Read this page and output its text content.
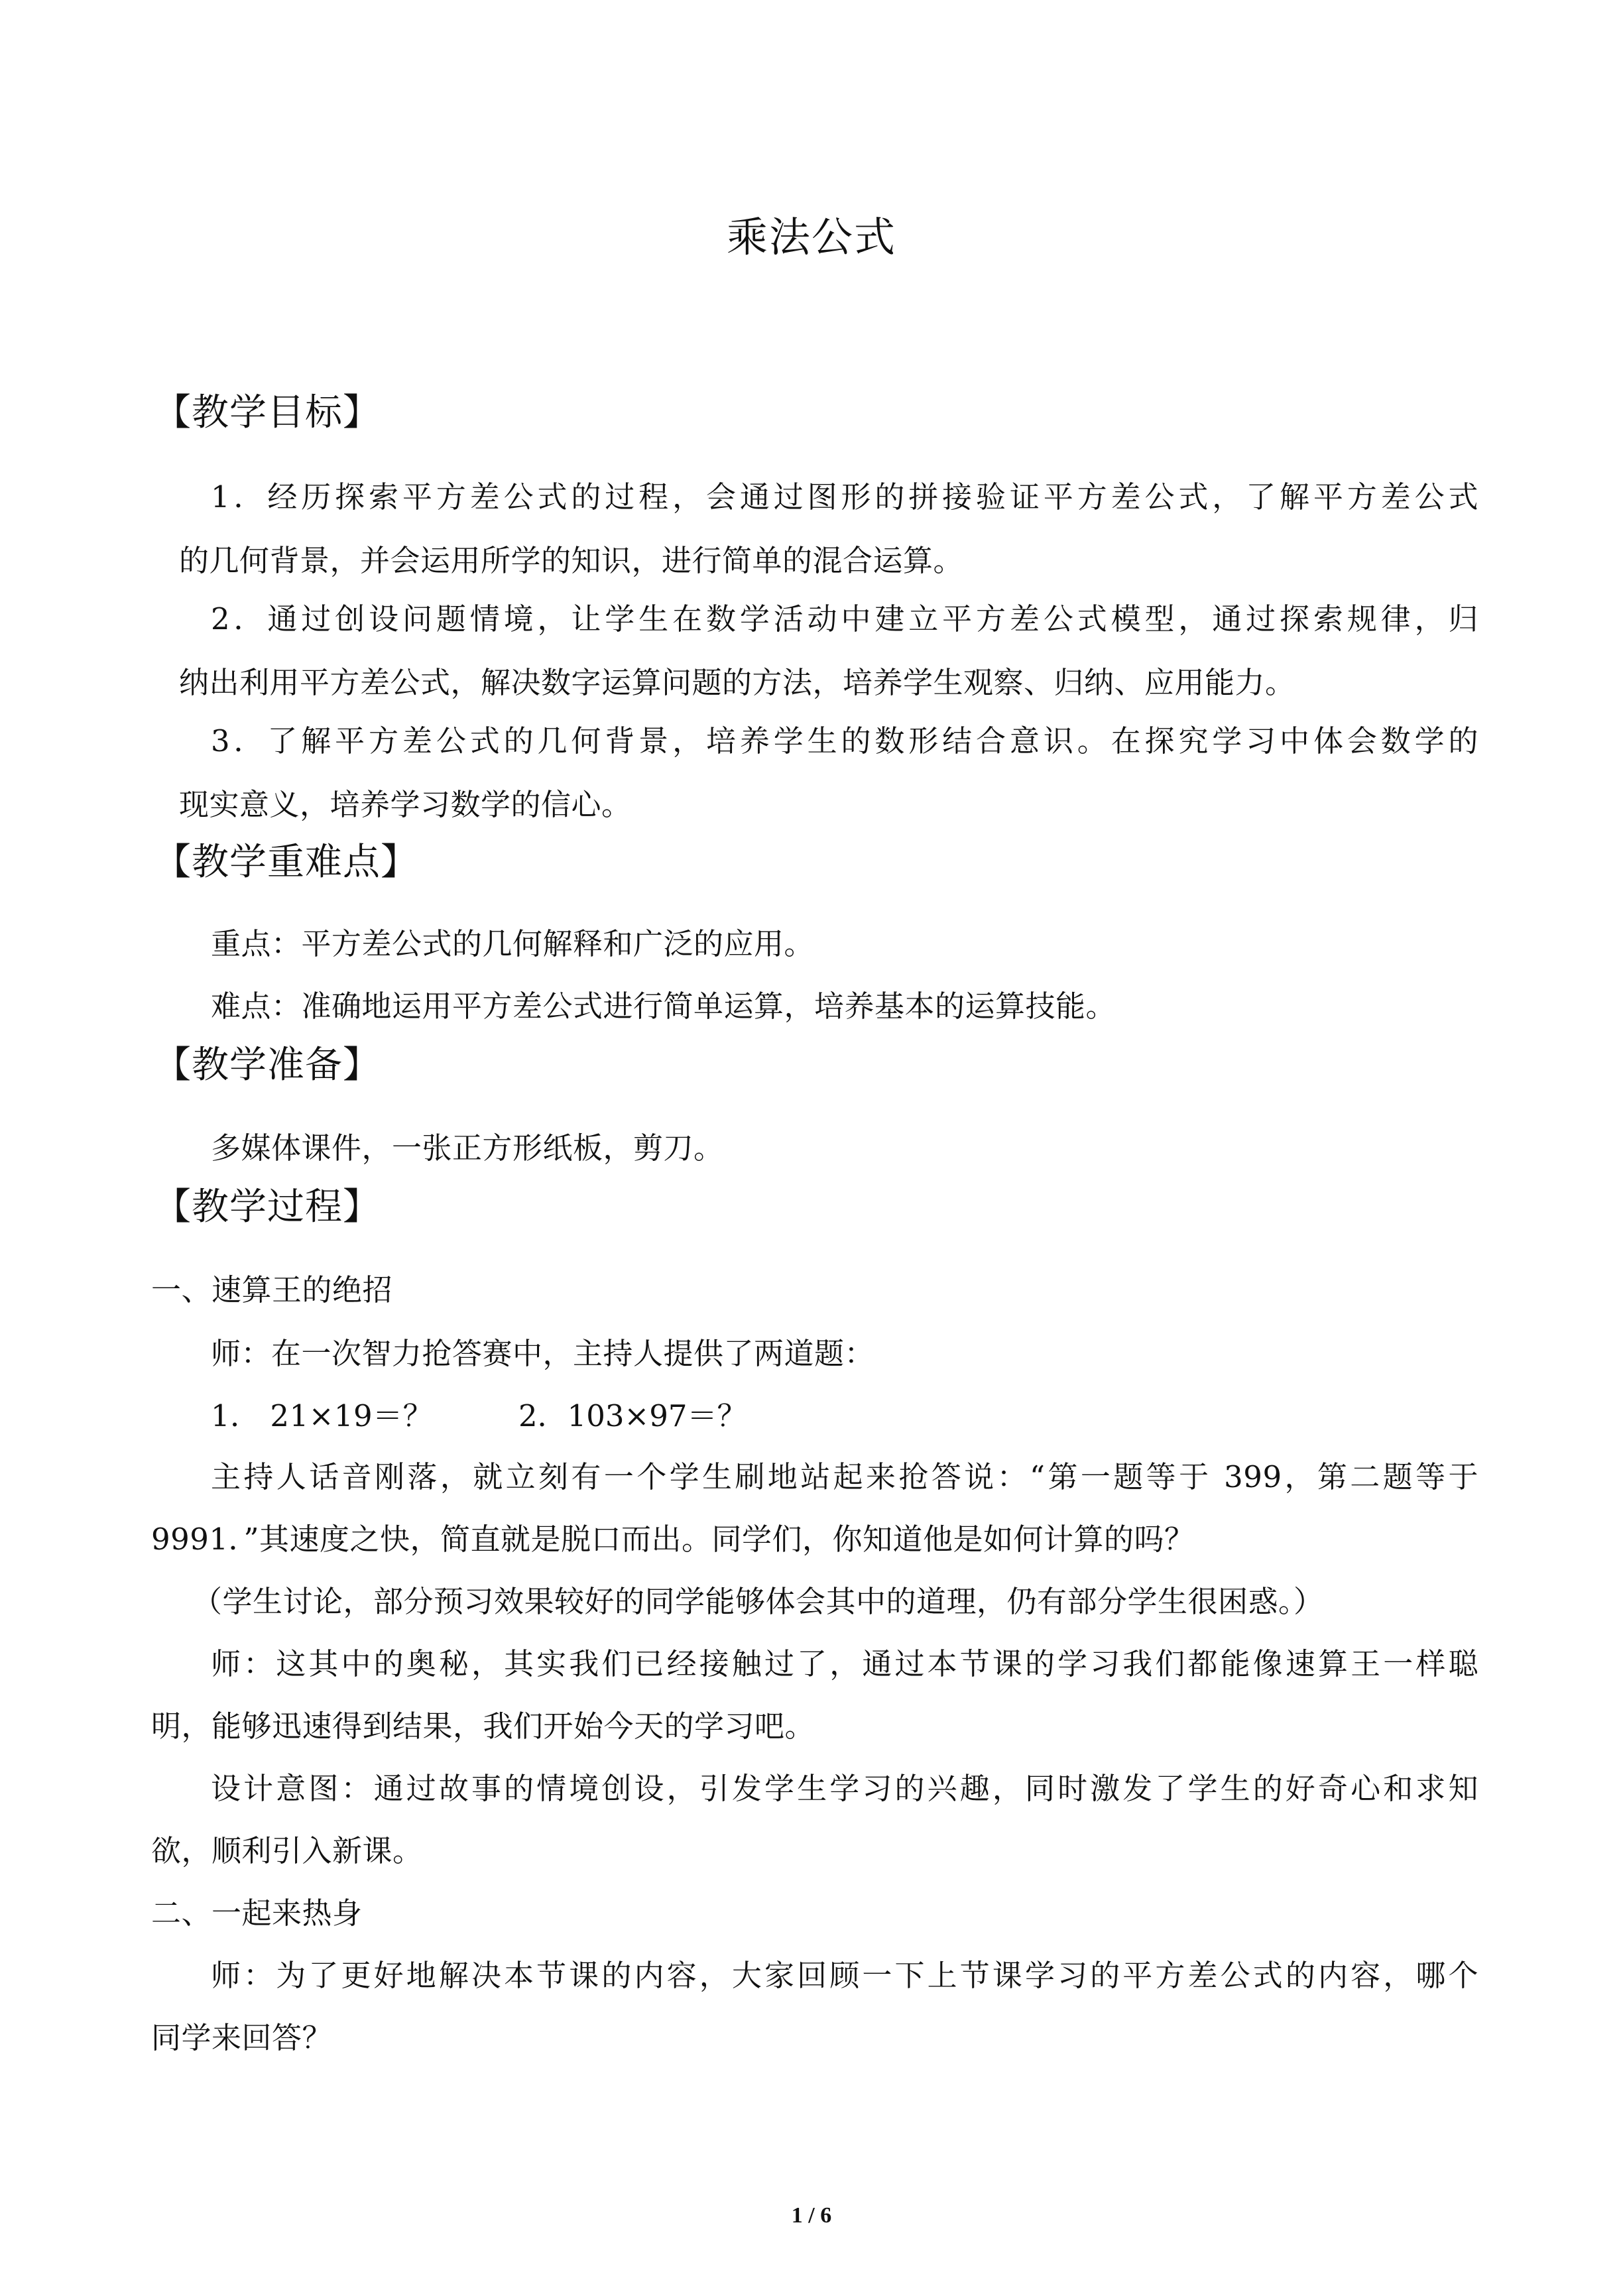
乘法公式
【教学目标】
1．经历探索平方差公式的过程，会通过图形的拼接验证平方差公式，了解平方差公式
的几何背景，并会运用所学的知识，进行简单的混合运算。
2．通过创设问题情境，让学生在数学活动中建立平方差公式模型，通过探索规律，归
纳出利用平方差公式，解决数字运算问题的方法，培养学生观察、归纳、应用能力。
3．了解平方差公式的几何背景，培养学生的数形结合意识。在探究学习中体会数学的
现实意义，培养学习数学的信心。
【教学重难点】
重点：平方差公式的几何解释和广泛的应用。
难点：准确地运用平方差公式进行简单运算，培养基本的运算技能。
【教学准备】
多媒体课件，一张正方形纸板，剪刀。
【教学过程】
一、速算王的绝招
师：在一次智力抢答赛中，主持人提供了两道题：
1． 21×19＝？	2．103×97＝？
主持人话音刚落，就立刻有一个学生刷地站起来抢答说：“第一题等于 399，第二题等于
9991．”其速度之快，简直就是脱口而出。同学们，你知道他是如何计算的吗？
（学生讨论，部分预习效果较好的同学能够体会其中的道理，仍有部分学生很困惑。）
师：这其中的奥秘，其实我们已经接触过了，通过本节课的学习我们都能像速算王一样聪
明，能够迅速得到结果，我们开始今天的学习吧。
设计意图：通过故事的情境创设，引发学生学习的兴趣，同时激发了学生的好奇心和求知
欲，顺利引入新课。
二、一起来热身
师：为了更好地解决本节课的内容，大家回顾一下上节课学习的平方差公式的内容，哪个
同学来回答？
1 / 6
